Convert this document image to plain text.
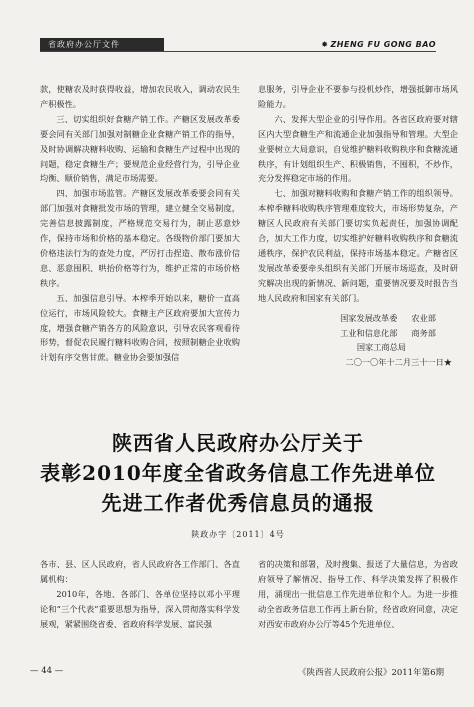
省政府办公厅文件	✸ ZHENG FU GONG BAO

款，使糖农及时获得收益，增加农民收入，调动农民生产积极性。

三、切实组织好食糖产销工作。产糖区发展改革委要会同有关部门加强对制糖企业食糖产销工作的指导，及时协调解决糖料收购、运输和食糖生产过程中出现的问题，稳定食糖生产；要规范企业经营行为，引导企业均衡、顺价销售，满足市场需要。

四、加强市场监管。产糖区发展改革委要会同有关部门加强对食糖批发市场的管理，建立健全交易制度，完善信息披露制度，严格规范交易行为，制止恶意炒作，保持市场和价格的基本稳定。各级物价部门要加大价格违法行为的查处力度，严厉打击捏造、散布涨价信息、恶意囤积、哄抬价格等行为，维护正常的市场价格秩序。

五、加强信息引导。本榨季开始以来，糖价一直高位运行，市场风险较大。食糖主产区政府要加大宣传力度，增强食糖产销各方的风险意识，引导农民客观看待形势，督促农民履行糖料收购合同，按照制糖企业收购计划有序交售甘蔗。糖业协会要加强信

息服务，引导企业不要参与投机炒作，增强抵御市场风险能力。

六、发挥大型企业的引导作用。各省区政府要对辖区内大型食糖生产和流通企业加强指导和管理。大型企业要树立大局意识，自觉维护糖料收购秩序和食糖流通秩序，有计划组织生产、积极销售，不囤积，不炒作，充分发挥稳定市场的作用。

七、加强对糖料收购和食糖产销工作的组织领导。本榨季糖料收购秩序管理难度较大，市场形势复杂，产糖区人民政府有关部门要切实负起责任，加强协调配合，加大工作力度，切实维护好糖料收购秩序和食糖流通秩序，保护农民利益，保持市场基本稳定。产糖省区发展改革委要牵头组织有关部门开展市场巡查，及时研究解决出现的新情况、新问题，重要情况要及时报告当地人民政府和国家有关部门。

国家发展改革委 农业部
工业和信息化部 商务部
国家工商总局
二〇一〇年十二月三十一日★
陕西省人民政府办公厅关于
表彰2010年度全省政务信息工作先进单位
先进工作者优秀信息员的通报
陕政办字〔2011〕4号

各市、县、区人民政府，省人民政府各工作部门、各直属机构：

2010年，各地、各部门、各单位坚持以邓小平理论和“三个代表”重要思想为指导，深入贯彻落实科学发展观，紧紧围绕省委、省政府科学发展、富民强

省的决策和部署，及时搜集、报送了大量信息，为省政府领导了解情况、指导工作、科学决策发挥了积极作用，涌现出一批信息工作先进单位和个人。为进一步推动全省政务信息工作再上新台阶，经省政府同意，决定对西安市政府办公厅等45个先进单位、

— 44 —	《陕西省人民政府公报》2011年第6期
